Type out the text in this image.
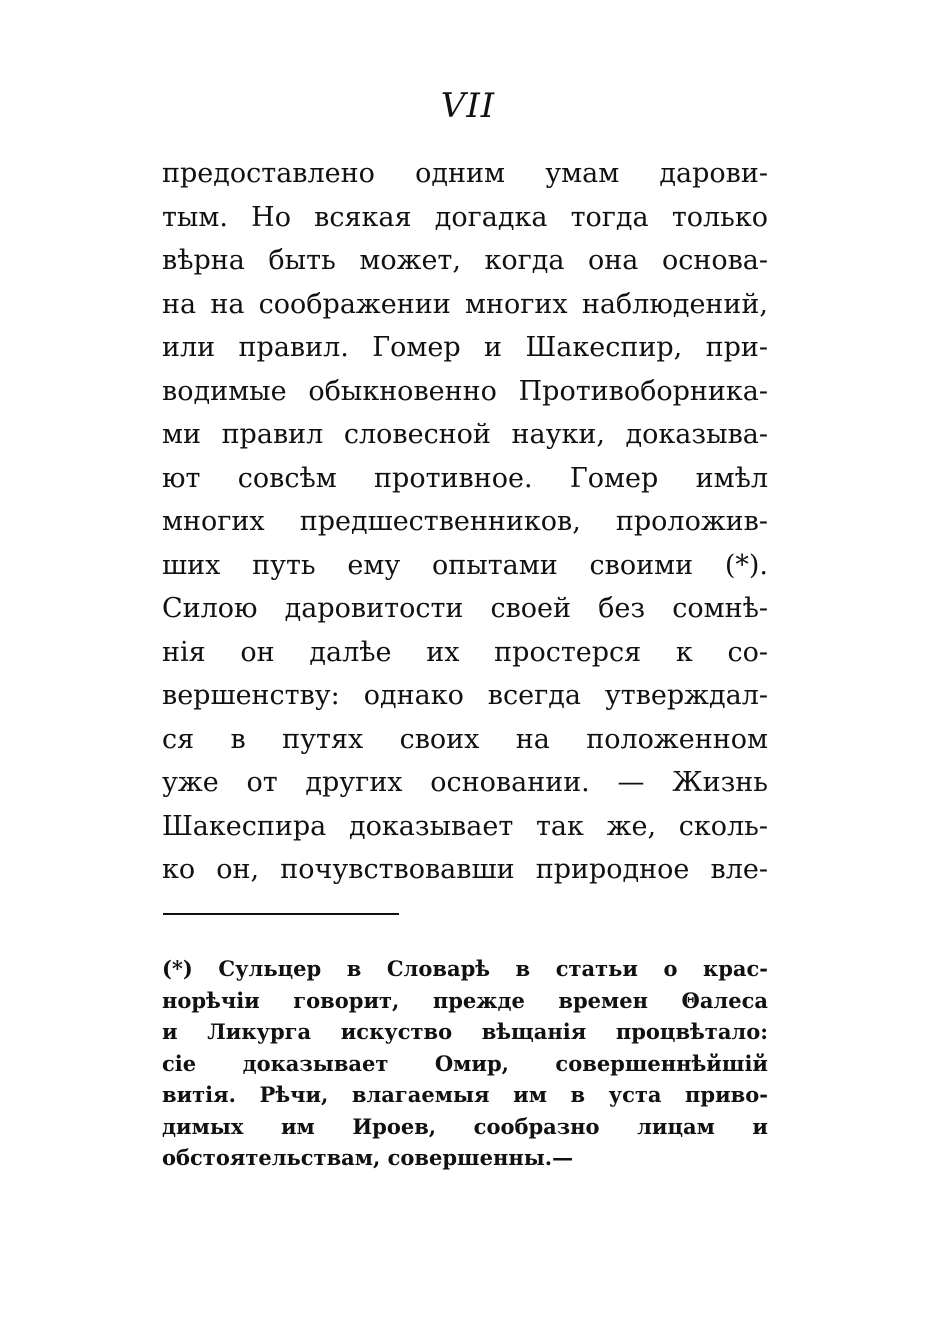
VII
предоставлено одним умам дарови-
тым. Но всякая догадка тогда только
вѣрна быть может, когда она основа-
на на соображении многих наблюдений,
или правил. Гомер и Шакеспир, при-
водимые обыкновенно Противоборника-
ми правил словесной науки, доказыва-
ют совсѣм противное. Гомер имѣл
многих предшественников, проложив-
ших путь ему опытами своими (*).
Силою даровитости своей без сомнѣ-
нія он далѣе их простерся к со-
вершенству: однако всегда утверждал-
ся в путях своих на положенном
уже от других основании. — Жизнь
Шакеспира доказывает так же, сколь-
ко он, почувствовавши природное вле-
(*) Сульцер в Словарѣ в статьи о крас-
норѣчіи говорит, прежде времен Θалеса
и Ликурга искуство вѣщанія процвѣтало:
сіе доказывает Омир, совершеннѣйшій
витія. Рѣчи, влагаемыя им в уста приво-
димых им Ироев, сообразно лицам и
обстоятельствам, совершенны.—
